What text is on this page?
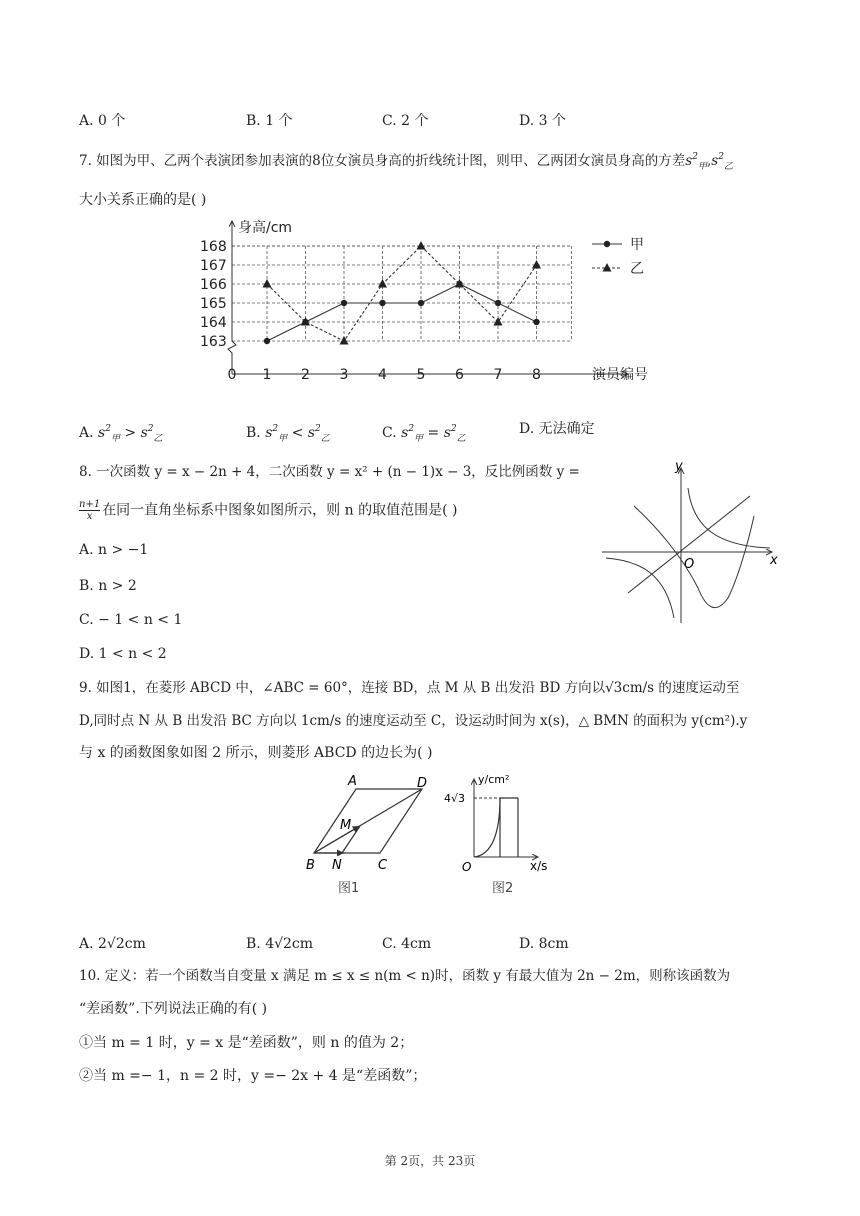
A. 0 个	B. 1 个	C. 2 个	D. 3 个
7. 如图为甲、乙两个表演团参加表演的8位女演员身高的折线统计图，则甲、乙两团女演员身高的方差$s^2_甲,s^2_乙$
大小关系正确的是( )
身高/cm
演员编号
0 1 2 3 4 5 6 7 8
163
164
165
166
167
168	甲
乙
A. $s^2_甲 > s^2_乙$	B. $s^2_甲 < s^2_乙$	C. $s^2_甲 = s^2_乙$
D. 无法确定
8. 一次函数 y = x − 2n + 4，二次函数 y = x² + (n − 1)x − 3，反比例函数 y =
$\frac{n+1}{x}$ 在同一直角坐标系中图象如图所示，则 n 的取值范围是( )
A. n > −1
B. n > 2
C. − 1 < n < 1
D. 1 < n < 2
y
x
O
9. 如图1，在菱形 ABCD 中，∠ABC = 60°，连接 BD，点 M 从 B 出发沿 BD 方向以√3cm/s 的速度运动至
D,同时点 N 从 B 出发沿 BC 方向以 1cm/s 的速度运动至 C，设运动时间为 x(s)，△ BMN 的面积为 y(cm²).y
与 x 的函数图象如图 2 所示，则菱形 ABCD 的边长为( )
A	D
M
B N	C
图1
y/cm²
4√3
O	x/s
图2
A. 2√2cm	B. 4√2cm	C. 4cm	D. 8cm
10. 定义：若一个函数当自变量 x 满足 m ≤ x ≤ n(m < n)时，函数 y 有最大值为 2n − 2m，则称该函数为
“差函数”.下列说法正确的有( )
①当 m = 1 时，y = x 是“差函数”，则 n 的值为 2；
②当 m =− 1，n = 2 时，y =− 2x + 4 是“差函数”；
第 2页，共 23页
